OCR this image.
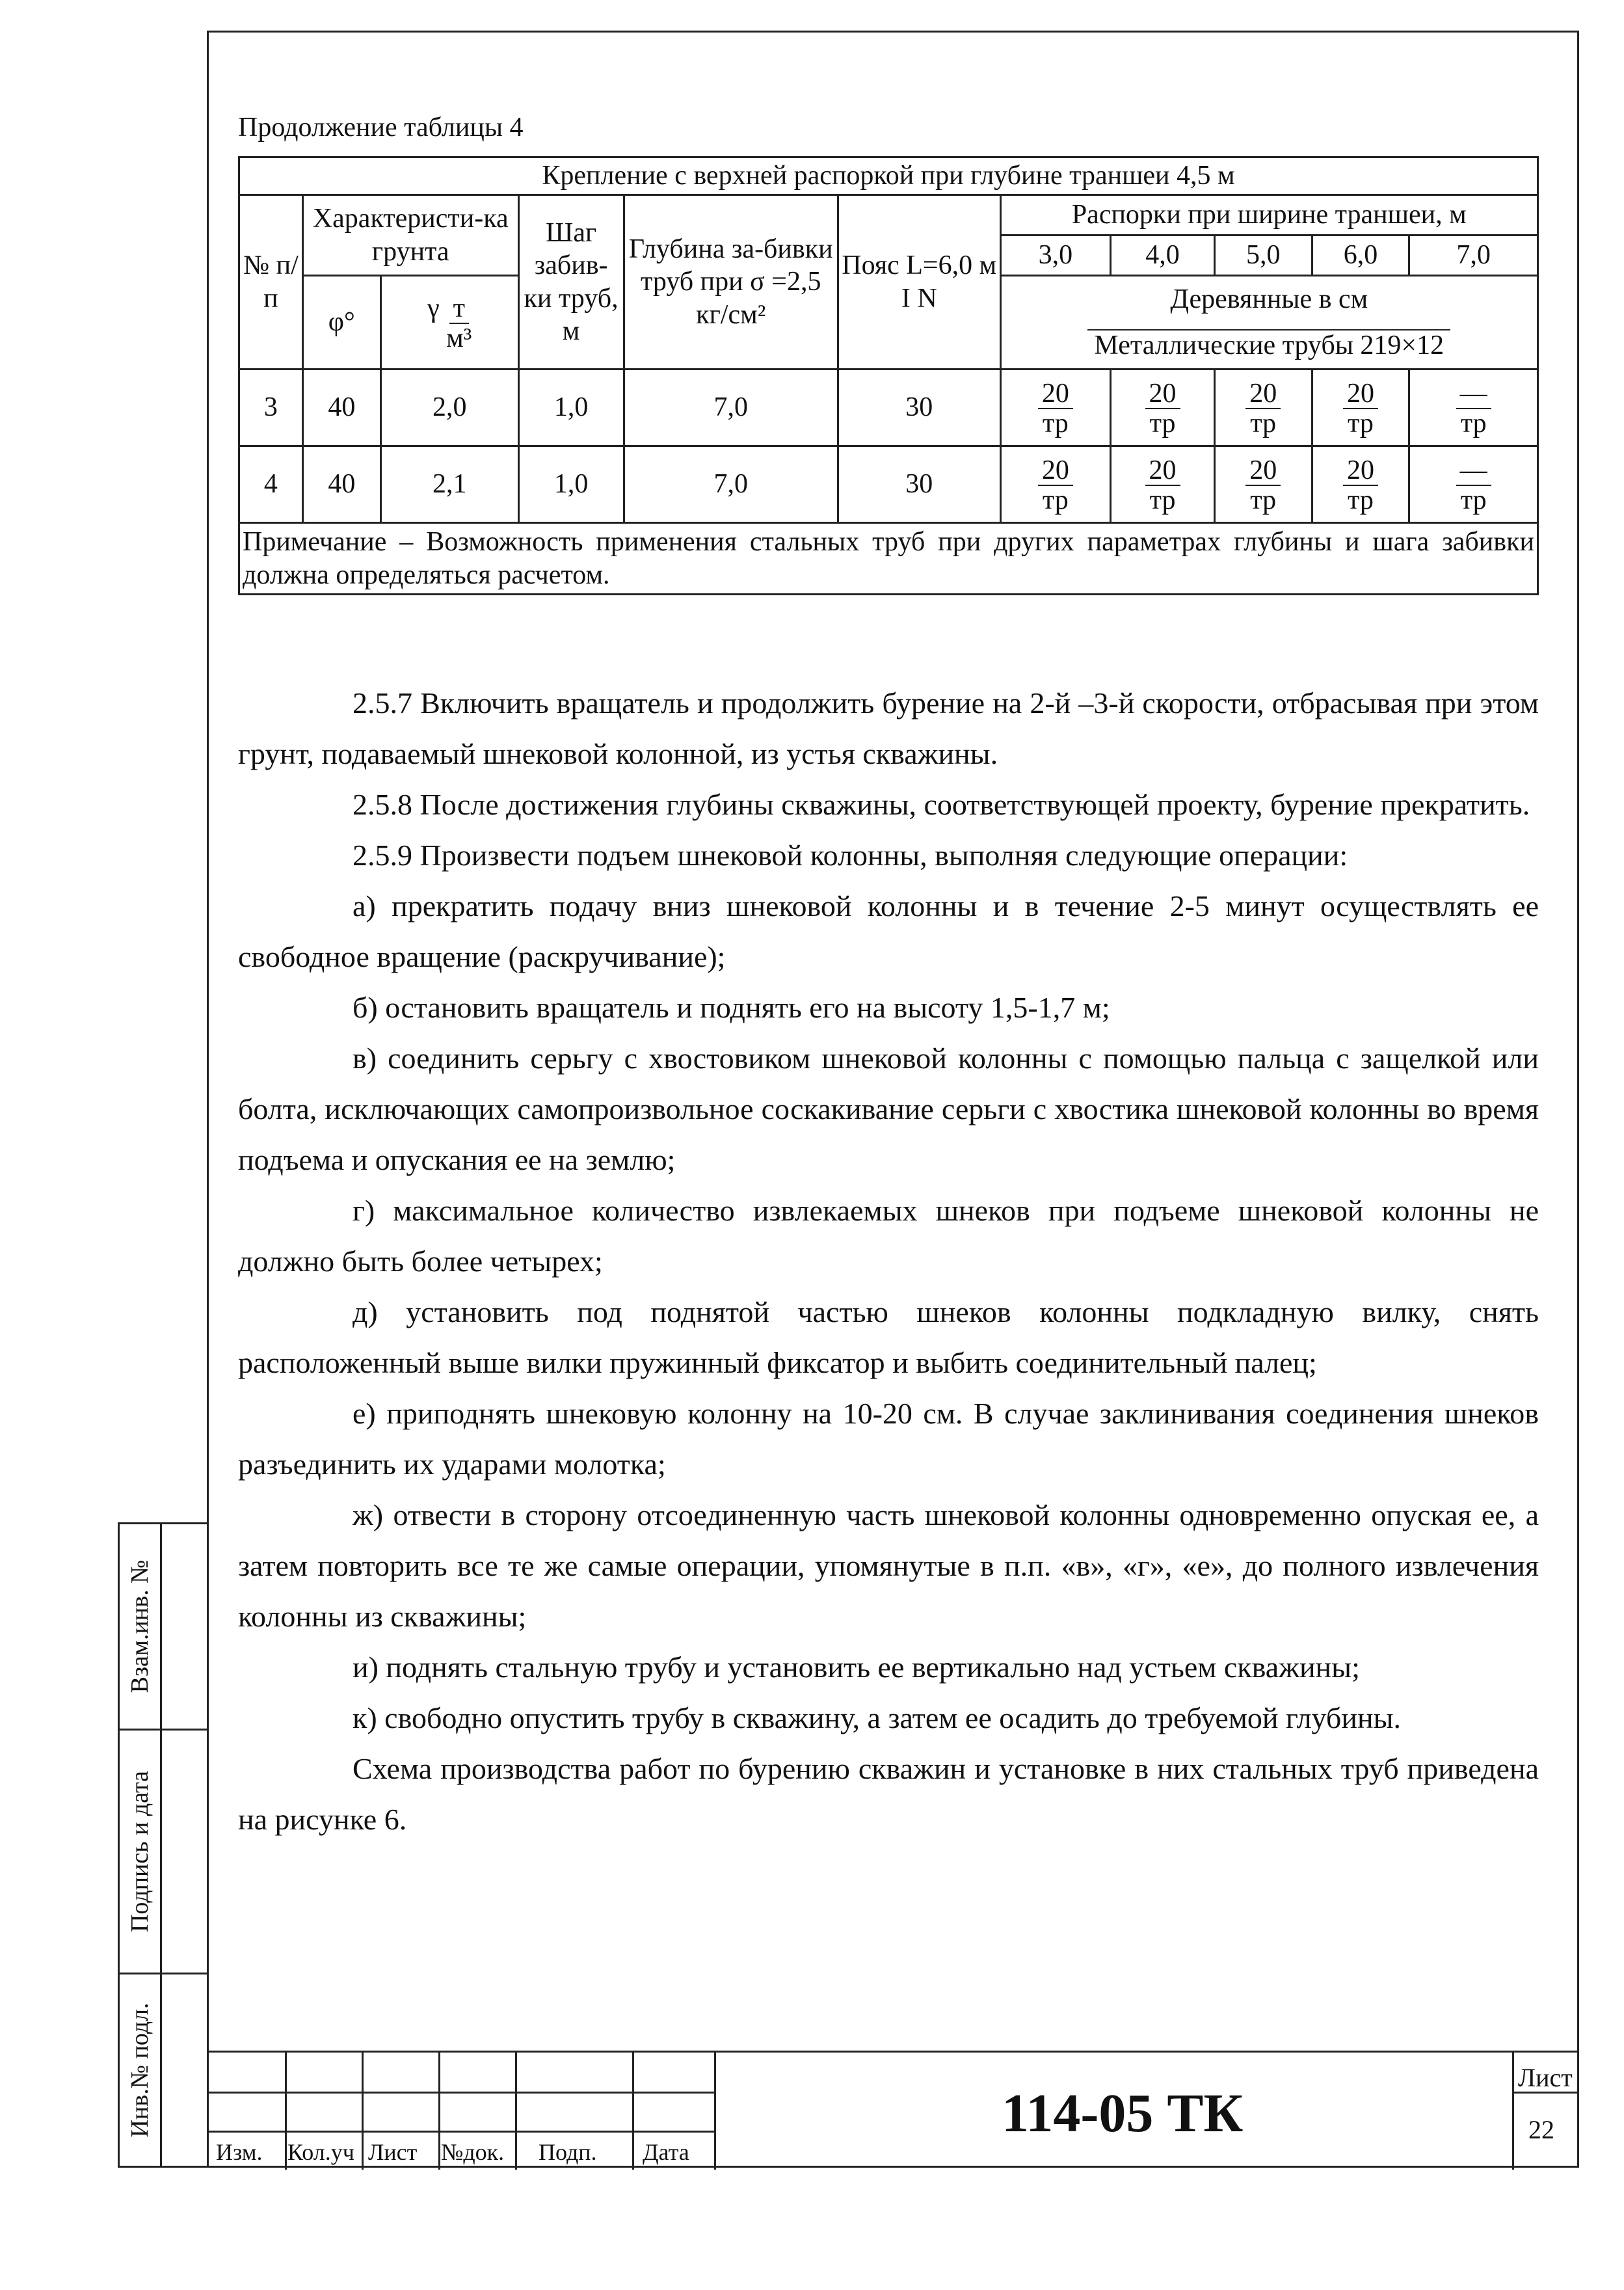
Взам.инв. №
Подпись и дата
Инв.№ подл.
Продолжение таблицы 4
Крепление с верхней распоркой при глубине траншеи 4,5 м										
№ п/п	Характеристи-ка грунта		Шаг забив-ки труб, м	Глубина за-бивки труб при σ =2,5 кг/см²	Пояс L=6,0 м I N	Распорки при ширине траншеи, м				
						3,0	4,0	5,0	6,0	7,0
	φ°	γ $\frac{т}{\text{м³}}$				Деревянные в см				
						Металлические трубы 219×12				
3	40	2,0	1,0	7,0	30	$\frac{20}{тр}$	$\frac{20}{тр}$	$\frac{20}{тр}$	$\frac{20}{тр}$	$\frac{—}{тр}$

4	40	2,1	1,0	7,0	30	$\frac{20}{тр}$	$\frac{20}{тр}$	$\frac{20}{тр}$	$\frac{20}{тр}$	$\frac{—}{тр}$

Примечание – Возможность применения стальных труб при других параметрах глубины и шага забивки должна определяться расчетом.										

2.5.7 Включить вращатель и продолжить бурение на 2-й –3-й скорости, отбрасывая при этом грунт, подаваемый шнековой колонной, из устья скважины.

2.5.8 После достижения глубины скважины, соответствующей проекту, бурение прекратить.

2.5.9 Произвести подъем шнековой колонны, выполняя следующие операции:

а) прекратить подачу вниз шнековой колонны и в течение 2-5 минут осуществлять ее свободное вращение (раскручивание);

б) остановить вращатель и поднять его на высоту 1,5-1,7 м;

в) соединить серьгу с хвостовиком шнековой колонны с помощью пальца с защелкой или болта, исключающих самопроизвольное соскакивание серьги с хвостика шнековой колонны во время подъема и опускания ее на землю;

г) максимальное количество извлекаемых шнеков при подъеме шнековой колонны не должно быть более четырех;

д) установить под поднятой частью шнеков колонны подкладную вилку, снять расположенный выше вилки пружинный фиксатор и выбить соединительный палец;

е) приподнять шнековую колонну на 10-20 см. В случае заклинивания соединения шнеков разъединить их ударами молотка;

ж) отвести в сторону отсоединенную часть шнековой колонны одновременно опуская ее, а затем повторить все те же самые операции, упомянутые в п.п. «в», «г», «е», до полного извлечения колонны из скважины;

и) поднять стальную трубу и установить ее вертикально над устьем скважины;

к) свободно опустить трубу в скважину, а затем ее осадить до требуемой глубины.

Схема производства работ по бурению скважин и установке в них стальных труб приведена на рисунке 6.

Изм. Кол.уч Лист №док. Подп. Дата
114-05 ТК
Лист
22
